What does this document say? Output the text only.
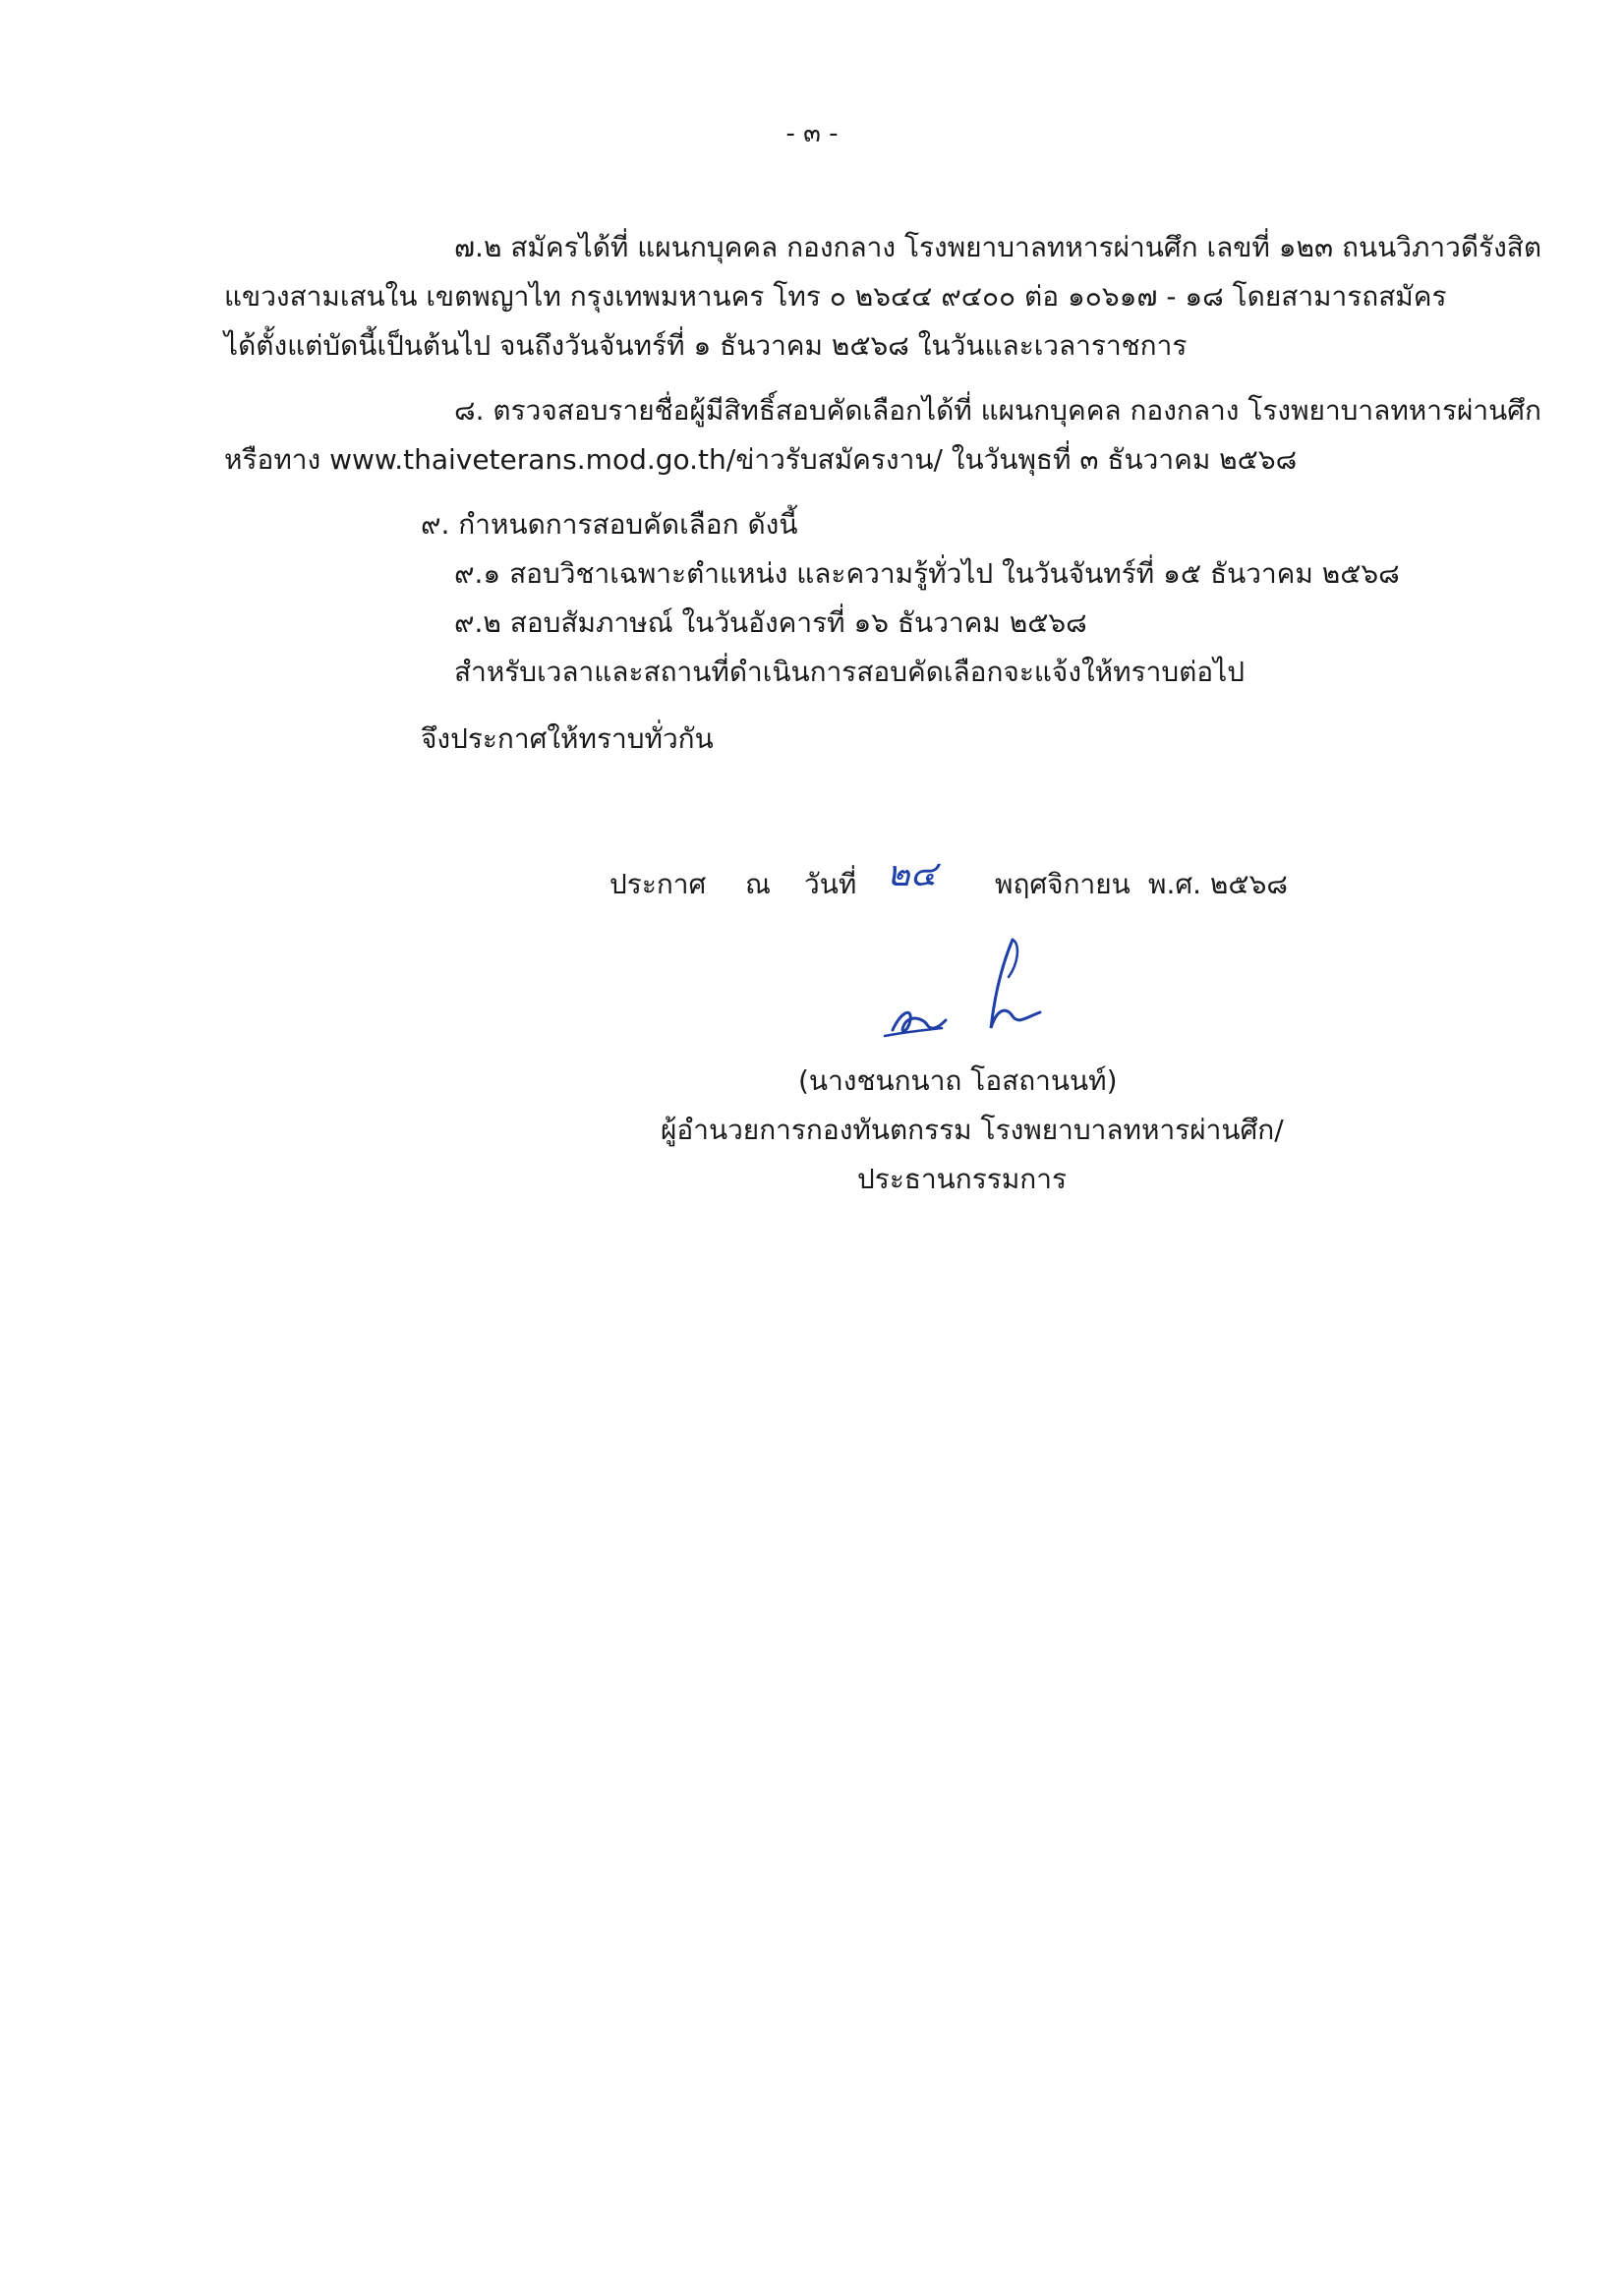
- ๓ -
๗.๒ สมัครได้ที่ แผนกบุคคล กองกลาง โรงพยาบาลทหารผ่านศึก เลขที่ ๑๒๓ ถนนวิภาวดีรังสิต
แขวงสามเสนใน เขตพญาไท กรุงเทพมหานคร โทร ๐ ๒๖๔๔ ๙๔๐๐ ต่อ ๑๐๖๑๗ - ๑๘ โดยสามารถสมัคร
ได้ตั้งแต่บัดนี้เป็นต้นไป จนถึงวันจันทร์ที่ ๑ ธันวาคม ๒๕๖๘ ในวันและเวลาราชการ
๘. ตรวจสอบรายชื่อผู้มีสิทธิ์สอบคัดเลือกได้ที่ แผนกบุคคล กองกลาง โรงพยาบาลทหารผ่านศึก
หรือทาง www.thaiveterans.mod.go.th/ข่าวรับสมัครงาน/ ในวันพุธที่ ๓ ธันวาคม ๒๕๖๘
๙. กำหนดการสอบคัดเลือก ดังนี้
๙.๑ สอบวิชาเฉพาะตำแหน่ง และความรู้ทั่วไป ในวันจันทร์ที่ ๑๕ ธันวาคม ๒๕๖๘
๙.๒ สอบสัมภาษณ์ ในวันอังคารที่ ๑๖ ธันวาคม ๒๕๖๘
สำหรับเวลาและสถานที่ดำเนินการสอบคัดเลือกจะแจ้งให้ทราบต่อไป
จึงประกาศให้ทราบทั่วกัน
ประกาศ ณ วันที่ ๒๔ พฤศจิกายน พ.ศ. ๒๕๖๘
(นางชนกนาถ โอสถานนท์)
ผู้อำนวยการกองทันตกรรม โรงพยาบาลทหารผ่านศึก/
ประธานกรรมการ
